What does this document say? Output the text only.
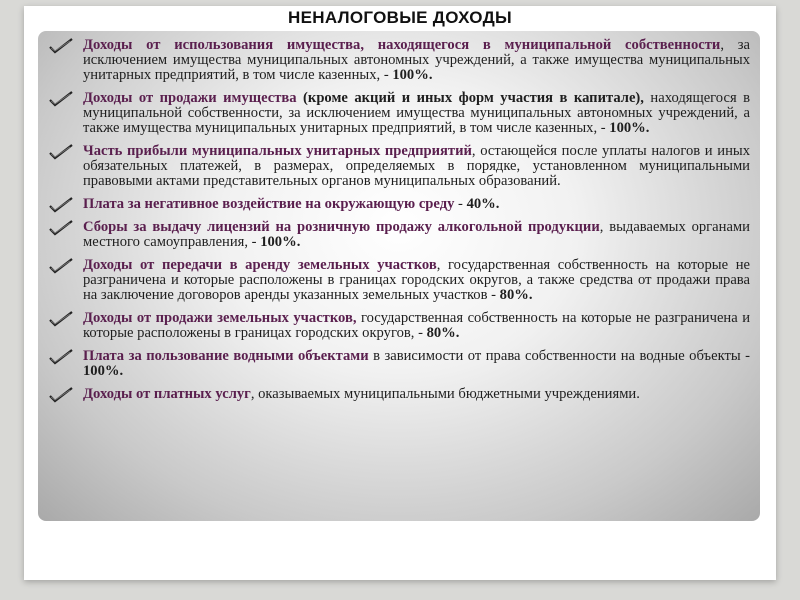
НЕНАЛОГОВЫЕ ДОХОДЫ
Доходы от использования имущества, находящегося в муниципальной собственности, за исключением имущества муниципальных автономных учреждений, а также имущества муниципальных унитарных предприятий, в том числе казенных, - 100%.
Доходы от продажи имущества (кроме акций и иных форм участия в капитале), находящегося в муниципальной собственности, за исключением имущества муниципальных автономных учреждений, а также имущества муниципальных унитарных предприятий, в том числе казенных, - 100%.
Часть прибыли муниципальных унитарных предприятий, остающейся после уплаты налогов и иных обязательных платежей, в размерах, определяемых в порядке, установленном муниципальными правовыми актами представительных органов муниципальных образований.
Плата за негативное воздействие на окружающую среду - 40%.
Сборы за выдачу лицензий на розничную продажу алкогольной продукции, выдаваемых органами местного самоуправления, - 100%.
Доходы от передачи в аренду земельных участков, государственная собственность на которые не разграничена и которые расположены в границах городских округов, а также средства от продажи права на заключение договоров аренды указанных земельных участков - 80%.
Доходы от продажи земельных участков, государственная собственность на которые не разграничена и которые расположены в границах городских округов, - 80%.
Плата за пользование водными объектами в зависимости от права собственности на водные объекты - 100%.
Доходы от платных услуг, оказываемых муниципальными бюджетными учреждениями.
